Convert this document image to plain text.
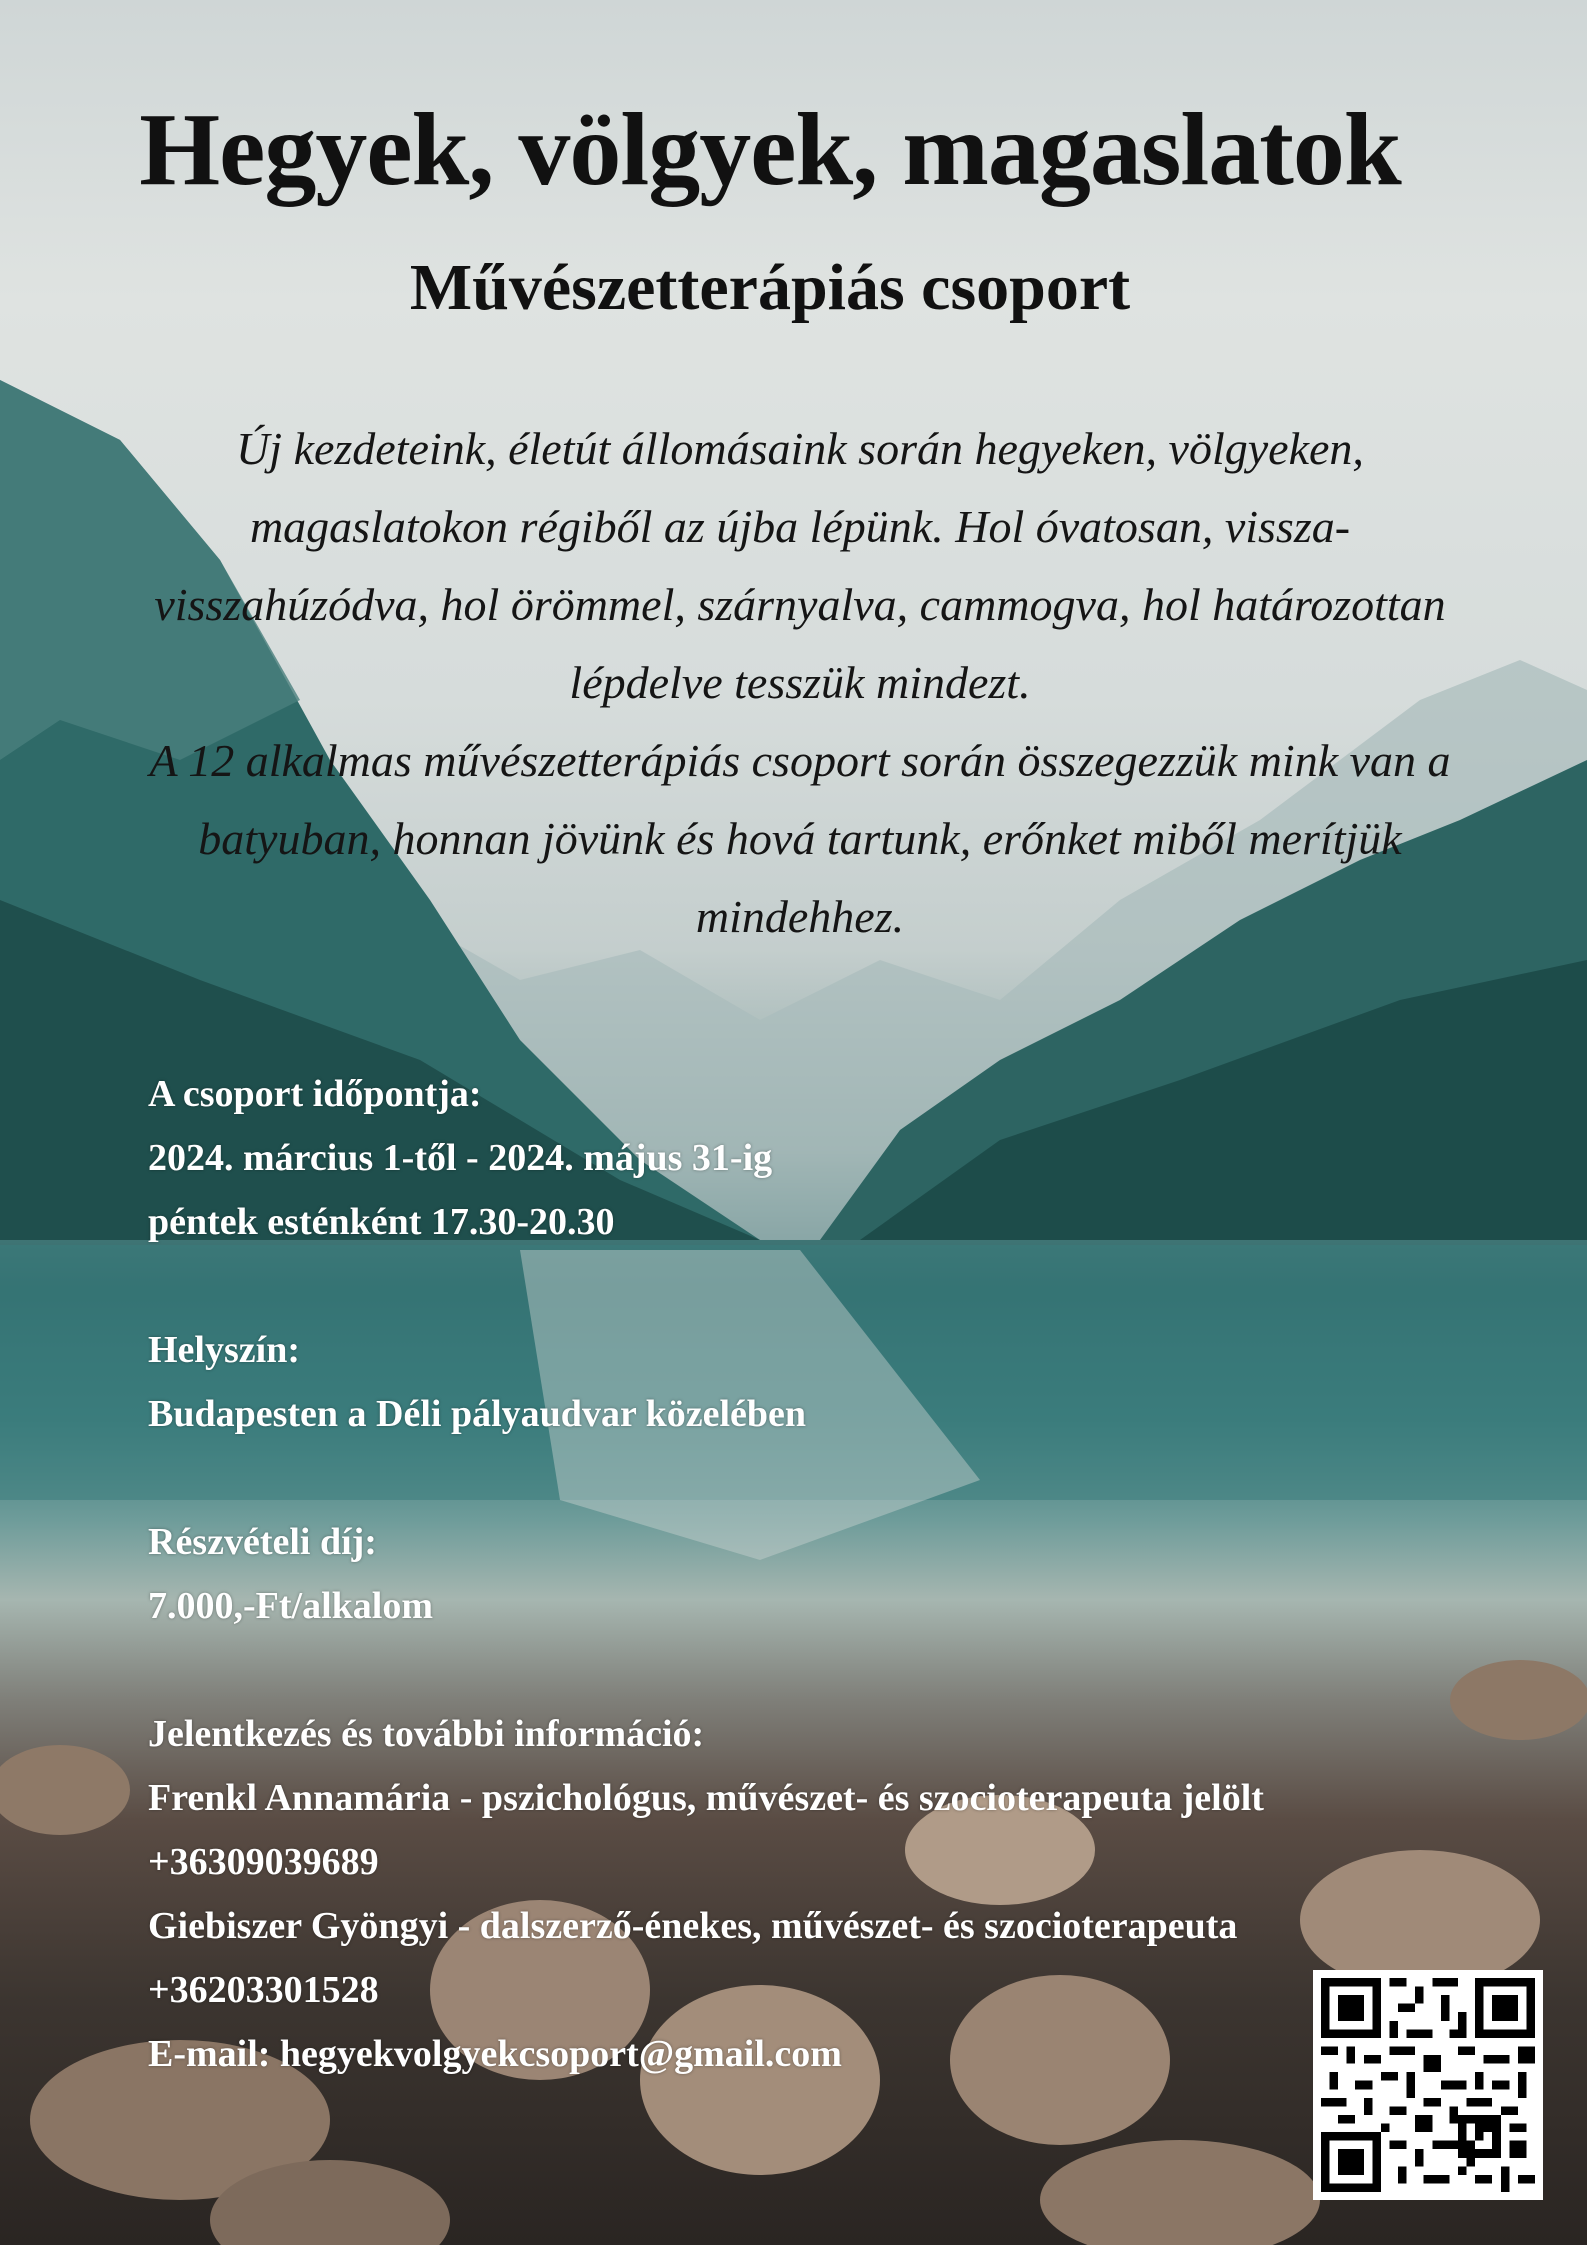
Hegyek, völgyek, magaslatok
Művészetterápiás csoport

Új kezdeteink, életút állomásaink során hegyeken, völgyeken, magaslatokon régiből az újba lépünk. Hol óvatosan, vissza-visszahúzódva, hol örömmel, szárnyalva, cammogva, hol határozottan lépdelve tesszük mindezt.

A 12 alkalmas művészetterápiás csoport során összegezzük mink van a batyuban, honnan jövünk és hová tartunk, erőnket miből merítjük mindehhez.

A csoport időpontja:
2024. március 1-től - 2024. május 31-ig
péntek esténként 17.30-20.30
Helyszín:
Budapesten a Déli pályaudvar közelében
Részvételi díj:
7.000,-Ft/alkalom
Jelentkezés és további információ:
Frenkl Annamária - pszichológus, művészet- és szocioterapeuta jelölt
+36309039689
Giebiszer Gyöngyi - dalszerző-énekes, művészet- és szocioterapeuta
+36203301528
E-mail: hegyekvolgyekcsoport@gmail.com
